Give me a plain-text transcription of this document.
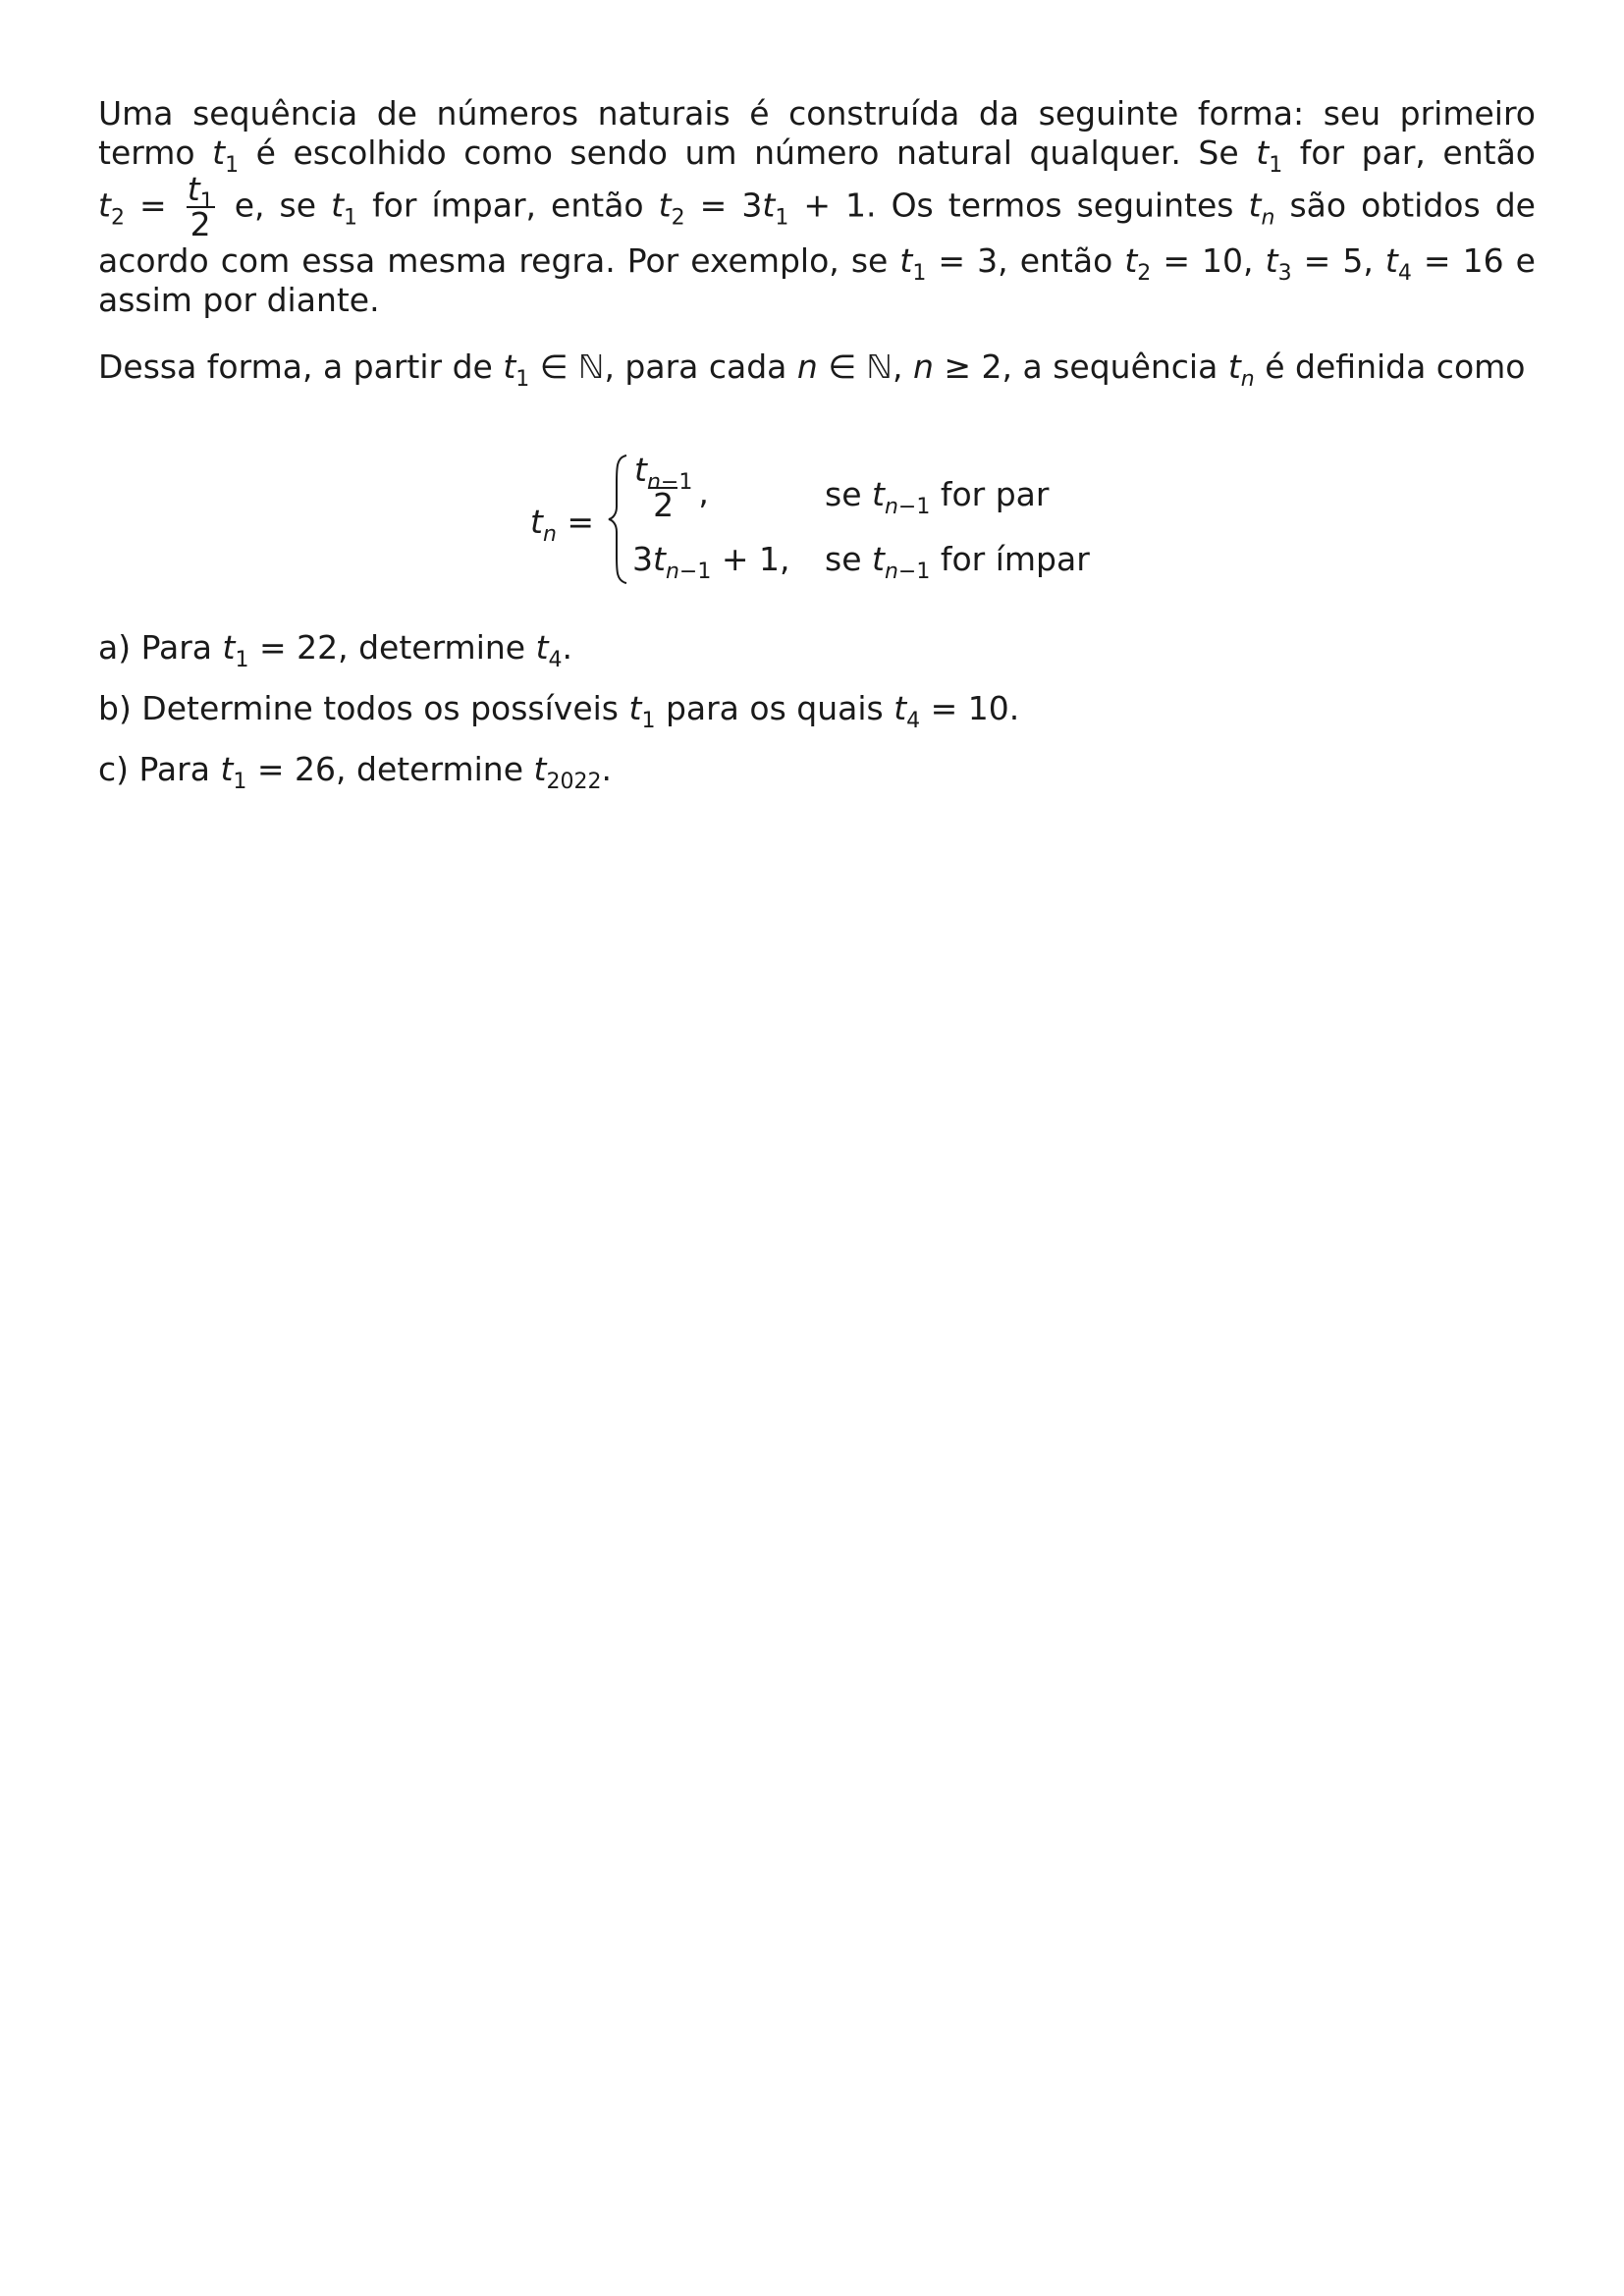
Uma sequência de números naturais é construída da seguinte forma: seu primeiro
termo $t_1$ é escolhido como sendo um número natural qualquer. Se $t_1$ for par, então
$t_2 = \frac{t_1}{2} e$, se $t_1$ for ímpar, então $t_2 = 3t_1 + 1$. Os termos seguintes $t_n$ são obtidos de
acordo com essa mesma regra. Por exemplo, se $t_1 = 3$, então $t_2 = 10$, $t_3 = 5$, $t_4 = 16$ e
assim por diante.
Dessa forma, a partir de $t_1$ ∈ ℕ, para cada n ∈ ℕ, n ≥ 2, a sequência $t_n$ é definida como
$t_n = \frac{t_{n-1}}{2}$ ,	se $t_{n-1}$ for par
$3t_{n-1} + 1$, se $t_{n-1}$ for ímpar
a) Para $t_1 = 22$, determine $t_4$.
b) Determine todos os possíveis $t_1$ para os quais $t_4 = 10$.
c) Para $t_1 = 26$, determine $t_{2022}$.
